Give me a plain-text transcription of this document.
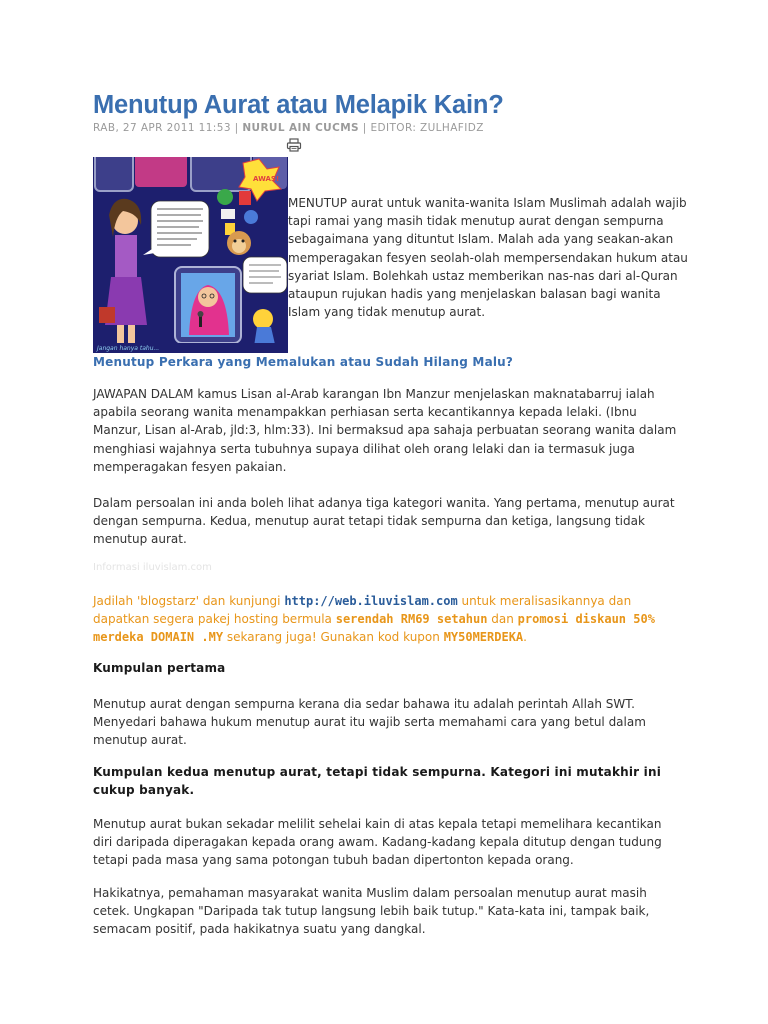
Menutup Aurat atau Melapik Kain?
RAB, 27 APR 2011 11:53 | NURUL AIN CUCMS | EDITOR: ZULHAFIDZ
AWAS!
Jangan hanya tahu...
MENUTUP aurat untuk wanita-wanita Islam Muslimah adalah wajib tapi ramai yang masih tidak menutup aurat dengan sempurna sebagaimana yang dituntut Islam. Malah ada yang seakan-akan memperagakan fesyen seolah-olah mempersendakan hukum atau syariat Islam. Bolehkah ustaz memberikan nas-nas dari al-Quran ataupun rujukan hadis yang menjelaskan balasan bagi wanita Islam yang tidak menutup aurat.
Menutup Perkara yang Memalukan atau Sudah Hilang Malu?

JAWAPAN DALAM kamus Lisan al-Arab karangan Ibn Manzur menjelaskan maknatabarruj ialah apabila seorang wanita menampakkan perhiasan serta kecantikannya kepada lelaki. (Ibnu Manzur, Lisan al-Arab, jld:3, hlm:33). Ini bermaksud apa sahaja perbuatan seorang wanita dalam menghiasi wajahnya serta tubuhnya supaya dilihat oleh orang lelaki dan ia termasuk juga memperagakan fesyen pakaian.

Dalam persoalan ini anda boleh lihat adanya tiga kategori wanita. Yang pertama, menutup aurat dengan sempurna. Kedua, menutup aurat tetapi tidak sempurna dan ketiga, langsung tidak menutup aurat.

Informasi iluvislam.com
Jadilah 'blogstarz' dan kunjungi http://web.iluvislam.com untuk meralisasikannya dan dapatkan segera pakej hosting bermula serendah RM69 setahun dan promosi diskaun 50% merdeka DOMAIN .MY sekarang juga! Gunakan kod kupon MY50MERDEKA.
Kumpulan pertama

Menutup aurat dengan sempurna kerana dia sedar bahawa itu adalah perintah Allah SWT. Menyedari bahawa hukum menutup aurat itu wajib serta memahami cara yang betul dalam menutup aurat.

Kumpulan kedua menutup aurat, tetapi tidak sempurna. Kategori ini mutakhir ini cukup banyak.

Menutup aurat bukan sekadar melilit sehelai kain di atas kepala tetapi memelihara kecantikan diri daripada diperagakan kepada orang awam. Kadang-kadang kepala ditutup dengan tudung tetapi pada masa yang sama potongan tubuh badan dipertonton kepada orang.

Hakikatnya, pemahaman masyarakat wanita Muslim dalam persoalan menutup aurat masih cetek. Ungkapan "Daripada tak tutup langsung lebih baik tutup." Kata-kata ini, tampak baik, semacam positif, pada hakikatnya suatu yang dangkal.
